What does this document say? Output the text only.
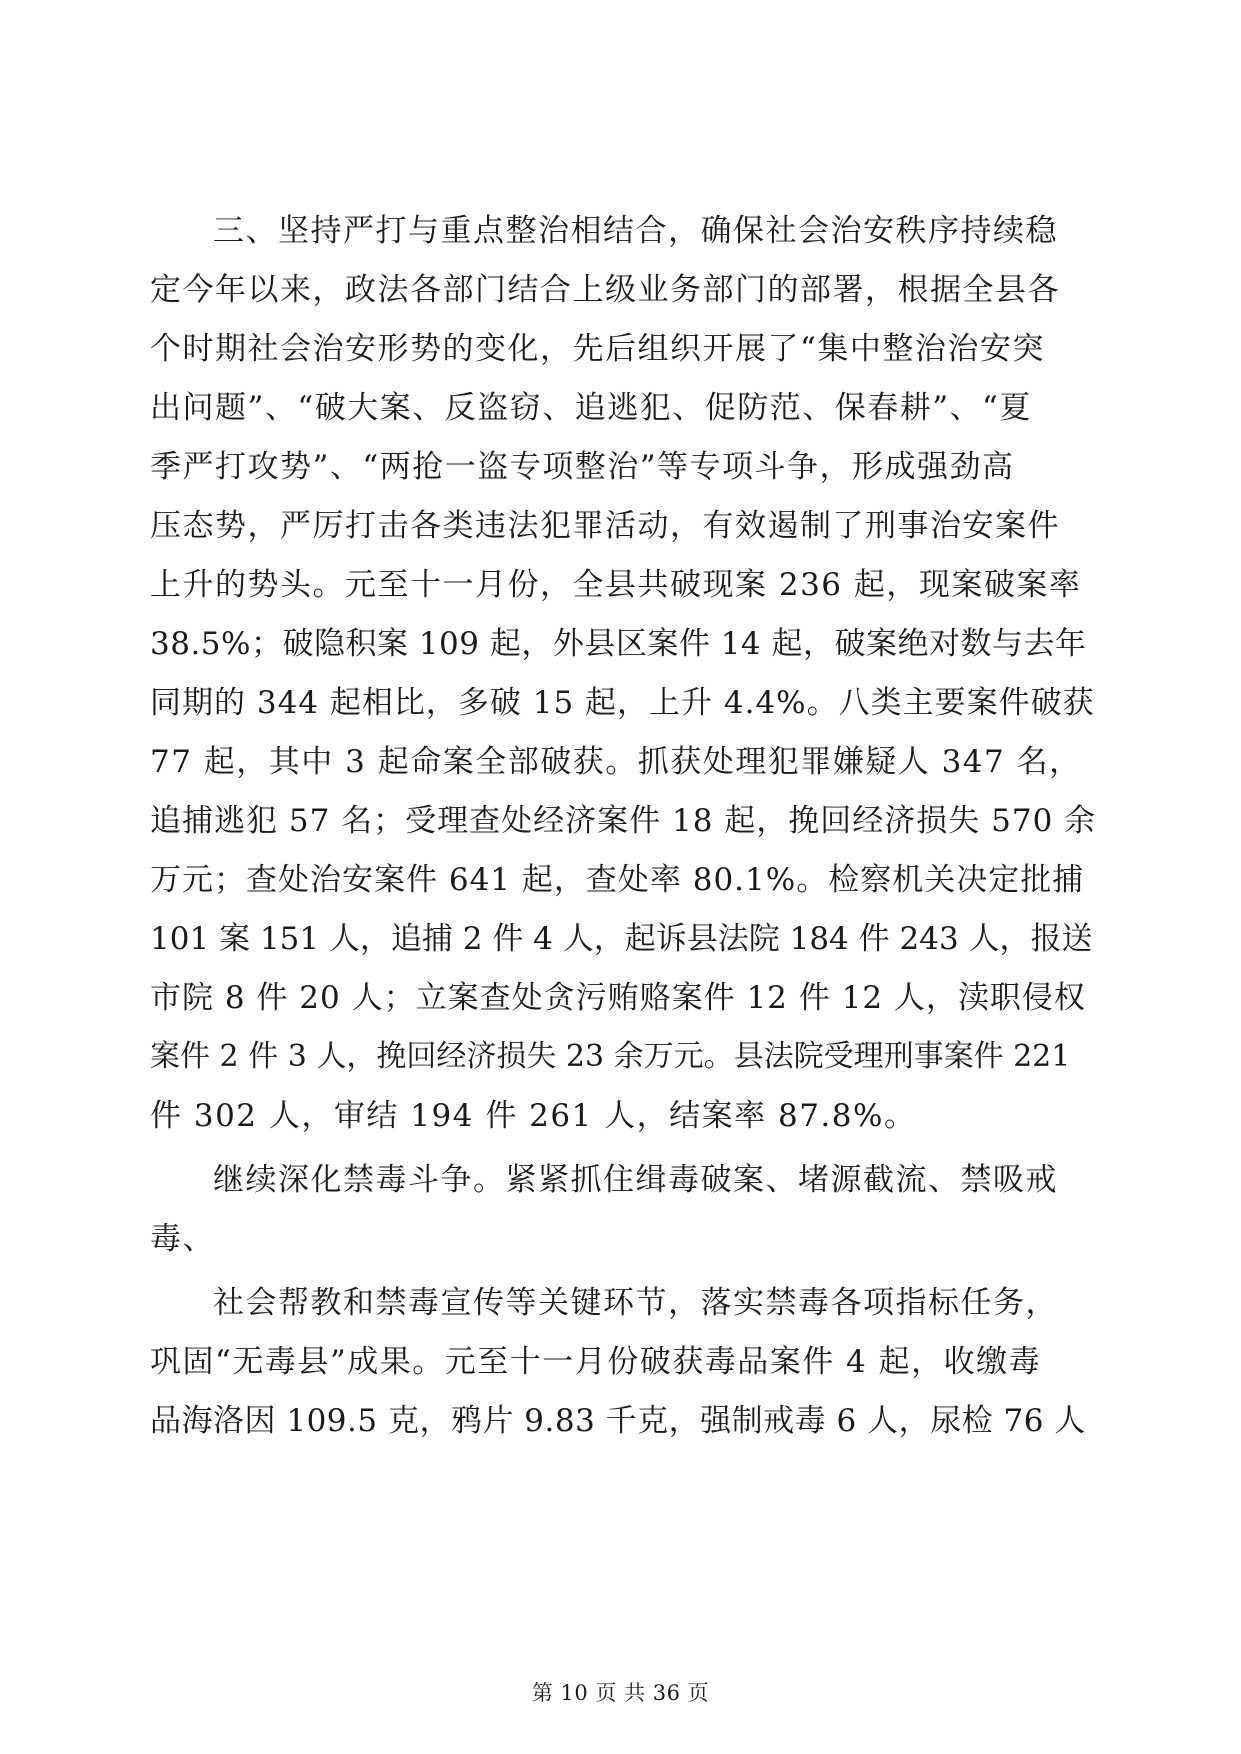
三、坚持严打与重点整治相结合，确保社会治安秩序持续稳
定今年以来，政法各部门结合上级业务部门的部署，根据全县各
个时期社会治安形势的变化，先后组织开展了“集中整治治安突
出问题”、“破大案、反盗窃、追逃犯、促防范、保春耕”、“夏
季严打攻势”、“两抢一盗专项整治”等专项斗争，形成强劲高
压态势，严厉打击各类违法犯罪活动，有效遏制了刑事治安案件
上升的势头。元至十一月份，全县共破现案 236 起，现案破案率
38.5%；破隐积案 109 起，外县区案件 14 起，破案绝对数与去年
同期的 344 起相比，多破 15 起，上升 4.4%。八类主要案件破获
77 起，其中 3 起命案全部破获。抓获处理犯罪嫌疑人 347 名，
追捕逃犯 57 名；受理查处经济案件 18 起，挽回经济损失 570 余
万元；查处治安案件 641 起，查处率 80.1%。检察机关决定批捕
101 案 151 人，追捕 2 件 4 人，起诉县法院 184 件 243 人，报送
市院 8 件 20 人；立案查处贪污贿赂案件 12 件 12 人，渎职侵权
案件 2 件 3 人，挽回经济损失 23 余万元。县法院受理刑事案件 221
件 302 人，审结 194 件 261 人，结案率 87.8%。
继续深化禁毒斗争。紧紧抓住缉毒破案、堵源截流、禁吸戒
毒、
社会帮教和禁毒宣传等关键环节，落实禁毒各项指标任务，
巩固“无毒县”成果。元至十一月份破获毒品案件 4 起，收缴毒
品海洛因 109.5 克，鸦片 9.83 千克，强制戒毒 6 人，尿检 76 人
第 10 页 共 36 页
